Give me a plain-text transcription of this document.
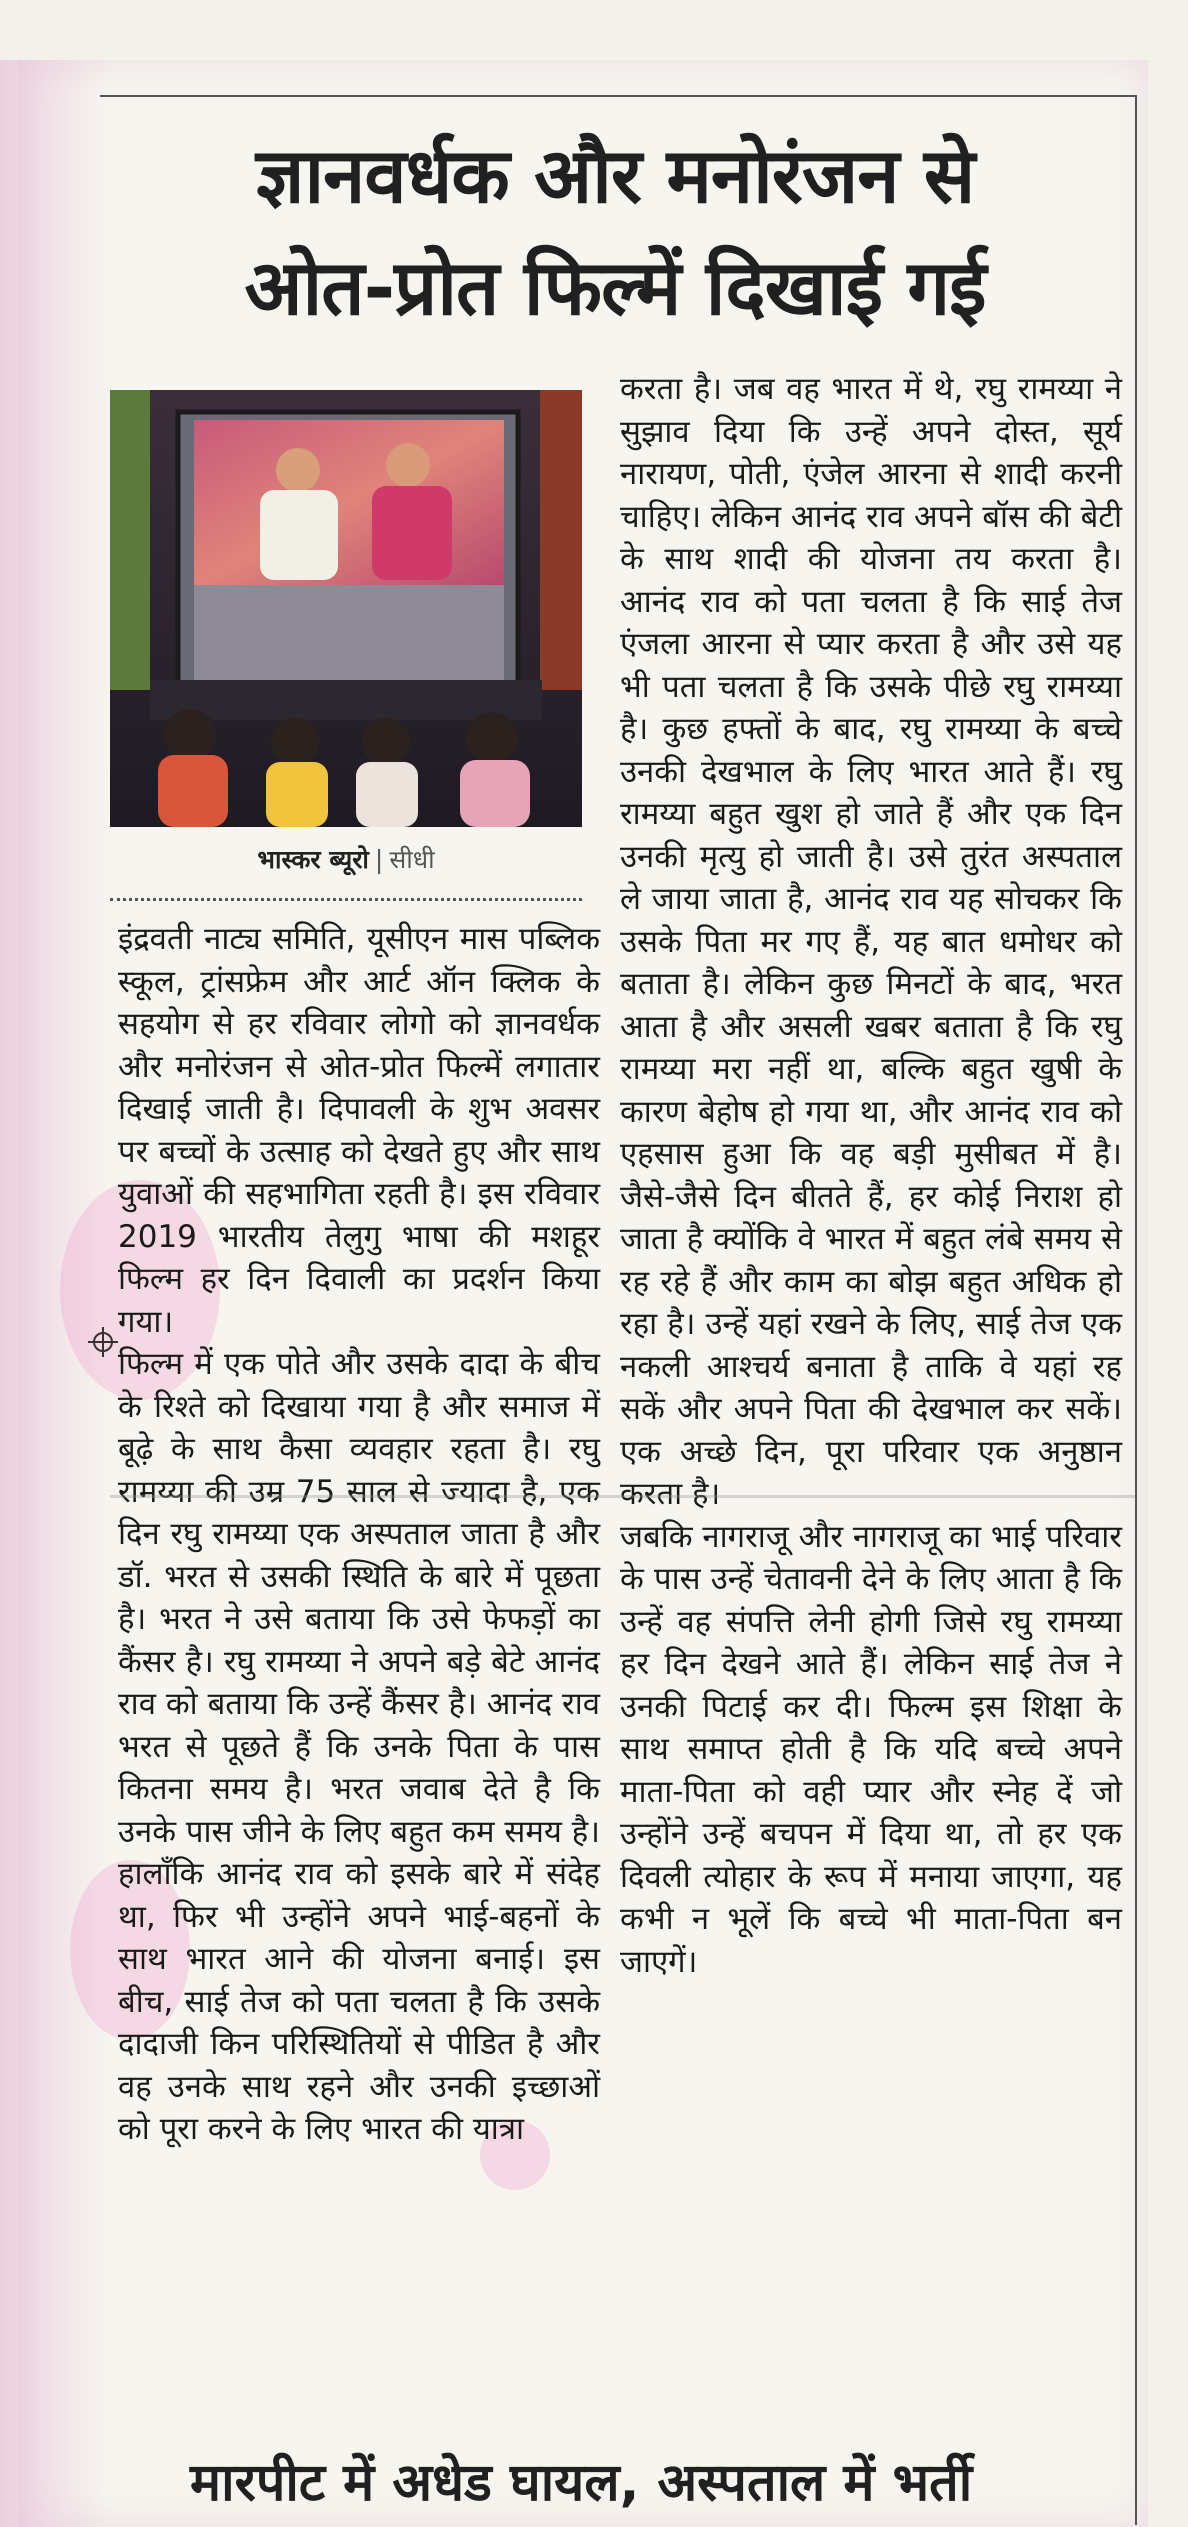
ज्ञानवर्धक और मनोरंजन से
ओत-प्रोत फिल्में दिखाई गई
भास्कर ब्यूरो | सीधी

इंद्रवती नाट्य समिति, यूसीएन मास पब्लिक स्कूल, ट्रांसफ्रेम और आर्ट ऑन क्लिक के सहयोग से हर रविवार लोगो को ज्ञानवर्धक और मनोरंजन से ओत-प्रोत फिल्में लगातार दिखाई जाती है। दिपावली के शुभ अवसर पर बच्चों के उत्साह को देखते हुए और साथ युवाओं की सहभागिता रहती है। इस रविवार 2019 भारतीय तेलुगु भाषा की मशहूर फिल्म हर दिन दिवाली का प्रदर्शन किया गया।
फिल्म में एक पोते और उसके दादा के बीच के रिश्ते को दिखाया गया है और समाज में बूढ़े के साथ कैसा व्यवहार रहता है। रघु रामय्या की उम्र 75 साल से ज्यादा है, एक दिन रघु रामय्या एक अस्पताल जाता है और डॉ. भरत से उसकी स्थिति के बारे में पूछता है। भरत ने उसे बताया कि उसे फेफड़ों का कैंसर है। रघु रामय्या ने अपने बड़े बेटे आनंद राव को बताया कि उन्हें कैंसर है। आनंद राव भरत से पूछते हैं कि उनके पिता के पास कितना समय है। भरत जवाब देते है कि उनके पास जीने के लिए बहुत कम समय है। हालाँकि आनंद राव को इसके बारे में संदेह था, फिर भी उन्होंने अपने भाई-बहनों के साथ भारत आने की योजना बनाई। इस बीच, साई तेज को पता चलता है कि उसके दादाजी किन परिस्थितियों से पीडित है और वह उनके साथ रहने और उनकी इच्छाओं को पूरा करने के लिए भारत की यात्रा

करता है। जब वह भारत में थे, रघु रामय्या ने सुझाव दिया कि उन्हें अपने दोस्त, सूर्य नारायण, पोती, एंजेल आरना से शादी करनी चाहिए। लेकिन आनंद राव अपने बॉस की बेटी के साथ शादी की योजना तय करता है। आनंद राव को पता चलता है कि साई तेज एंजला आरना से प्यार करता है और उसे यह भी पता चलता है कि उसके पीछे रघु रामय्या है। कुछ हफ्तों के बाद, रघु रामय्या के बच्चे उनकी देखभाल के लिए भारत आते हैं। रघु रामय्या बहुत खुश हो जाते हैं और एक दिन उनकी मृत्यु हो जाती है। उसे तुरंत अस्पताल ले जाया जाता है, आनंद राव यह सोचकर कि उसके पिता मर गए हैं, यह बात धमोधर को बताता है। लेकिन कुछ मिनटों के बाद, भरत आता है और असली खबर बताता है कि रघु रामय्या मरा नहीं था, बल्कि बहुत खुषी के कारण बेहोष हो गया था, और आनंद राव को एहसास हुआ कि वह बड़ी मुसीबत में है। जैसे-जैसे दिन बीतते हैं, हर कोई निराश हो जाता है क्योंकि वे भारत में बहुत लंबे समय से रह रहे हैं और काम का बोझ बहुत अधिक हो रहा है। उन्हें यहां रखने के लिए, साई तेज एक नकली आश्चर्य बनाता है ताकि वे यहां रह सकें और अपने पिता की देखभाल कर सकें। एक अच्छे दिन, पूरा परिवार एक अनुष्ठान करता है।
जबकि नागराजू और नागराजू का भाई परिवार के पास उन्हें चेतावनी देने के लिए आता है कि उन्हें वह संपत्ति लेनी होगी जिसे रघु रामय्या हर दिन देखने आते हैं। लेकिन साई तेज ने उनकी पिटाई कर दी। फिल्म इस शिक्षा के साथ समाप्त होती है कि यदि बच्चे अपने माता-पिता को वही प्यार और स्नेह दें जो उन्होंने उन्हें बचपन में दिया था, तो हर एक दिवली त्योहार के रूप में मनाया जाएगा, यह कभी न भूलें कि बच्चे भी माता-पिता बन जाएगें।

मारपीट में अधेड घायल, अस्पताल में भर्ती
